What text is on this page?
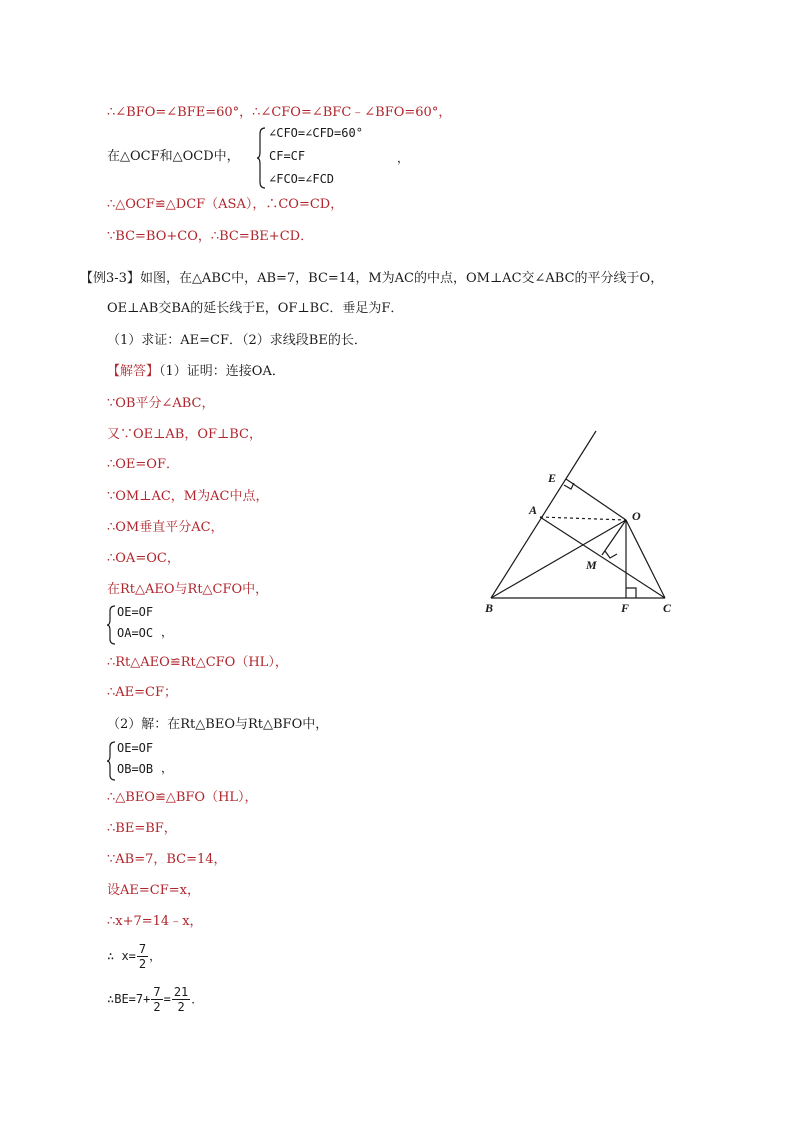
∴∠BFO=∠BFE=60°，∴∠CFO=∠BFC﹣∠BFO=60°，
在△OCF和△OCD中，
∠CFO=∠CFD=60°
CF=CF
∠FCO=∠FCD
，
∴△OCF≌△DCF（ASA），∴CO=CD，
∵BC=BO+CO，∴BC=BE+CD．
【例3-3】如图，在△ABC中，AB=7，BC=14，M为AC的中点，OM⊥AC交∠ABC的平分线于O，
OE⊥AB交BA的延长线于E，OF⊥BC．垂足为F．
（1）求证：AE=CF．（2）求线段BE的长．
【解答】（1）证明：连接OA．
∵OB平分∠ABC，
又∵OE⊥AB，OF⊥BC，
∴OE=OF．
∵OM⊥AC，M为AC中点，
∴OM垂直平分AC，
∴OA=OC，
在Rt△AEO与Rt△CFO中，
OE=OF
OA=OC ，
∴Rt△AEO≌Rt△CFO（HL），
∴AE=CF；
（2）解：在Rt△BEO与Rt△BFO中，
OE=OF
OB=OB ，
∴△BEO≌△BFO（HL），
∴BE=BF，
∵AB=7，BC=14，
设AE=CF=x，
∴x+7=14﹣x，
∴ $x= \frac{7}{2}$ ，
∴BE=7+ $\frac{7}{2} = \frac{21}{2}$ ．
E
A	O
M
B	F	C
